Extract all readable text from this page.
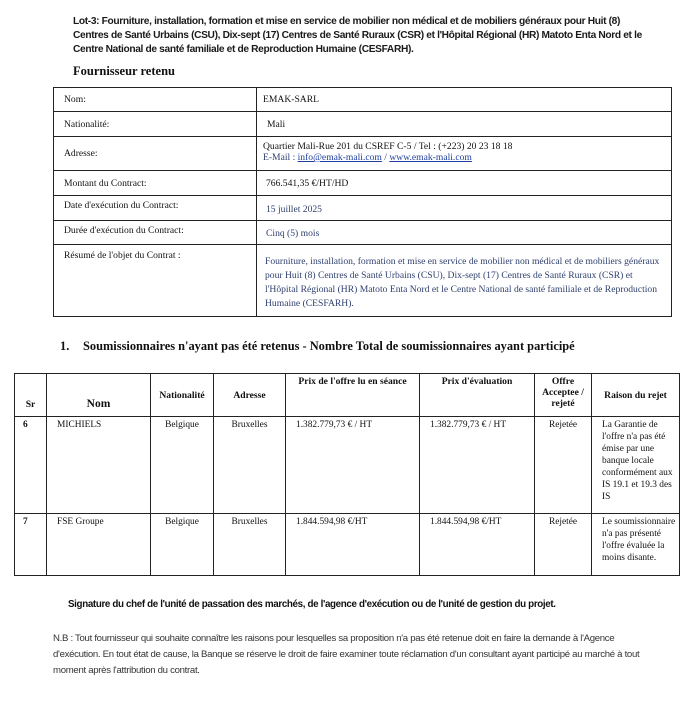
Lot-3: Fourniture, installation, formation et mise en service de mobilier non médical et de mobiliers généraux pour Huit (8) Centres de Santé Urbains (CSU), Dix-sept (17) Centres de Santé Ruraux (CSR) et l'Hôpital Régional (HR) Matoto Enta Nord et le Centre National de santé familiale et de Reproduction Humaine (CESFARH).
Fournisseur retenu
Nom:	EMAK-SARL

Nationalité:	Mali

Adresse:	Quartier Mali-Rue 201 du CSREF C-5 / Tel : (+223) 20 23 18 18
E-Mail : info@emak-mali.com / www.emak-mali.com

Montant du Contract:	766.541,35 €/HT/HD

Date d'exécution du Contract:	15 juillet 2025

Durée d'exécution du Contract:	Cinq (5) mois

Résumé de l'objet du Contrat :	Fourniture, installation, formation et mise en service de mobilier non médical et de mobiliers généraux pour Huit (8) Centres de Santé Urbains (CSU), Dix-sept (17) Centres de Santé Ruraux (CSR) et l'Hôpital Régional (HR) Matoto Enta Nord et le Centre National de santé familiale et de Reproduction Humaine (CESFARH).
1. Soumissionnaires n'ayant pas été retenus - Nombre Total de soumissionnaires ayant participé
Sr	Nom	Nationalité	Adresse	Prix de l'offre lu en séance	Prix d'évaluation	Offre Acceptee / rejeté	Raison du rejet
6	MICHIELS	Belgique	Bruxelles	1.382.779,73 € / HT	1.382.779,73 € / HT	Rejetée	La Garantie de l'offre n'a pas été émise par une banque locale conformément aux IS 19.1 et 19.3 des IS
7	FSE Groupe	Belgique	Bruxelles	1.844.594,98 €/HT	1.844.594,98 €/HT	Rejetée	Le soumissionnaire n'a pas présenté l'offre évaluée la moins disante.
Signature du chef de l'unité de passation des marchés, de l'agence d'exécution ou de l'unité de gestion du projet.
N.B : Tout fournisseur qui souhaite connaître les raisons pour lesquelles sa proposition n'a pas été retenue doit en faire la demande à l'Agence d'exécution. En tout état de cause, la Banque se réserve le droit de faire examiner toute réclamation d'un consultant ayant participé au marché à tout moment après l'attribution du contrat.
